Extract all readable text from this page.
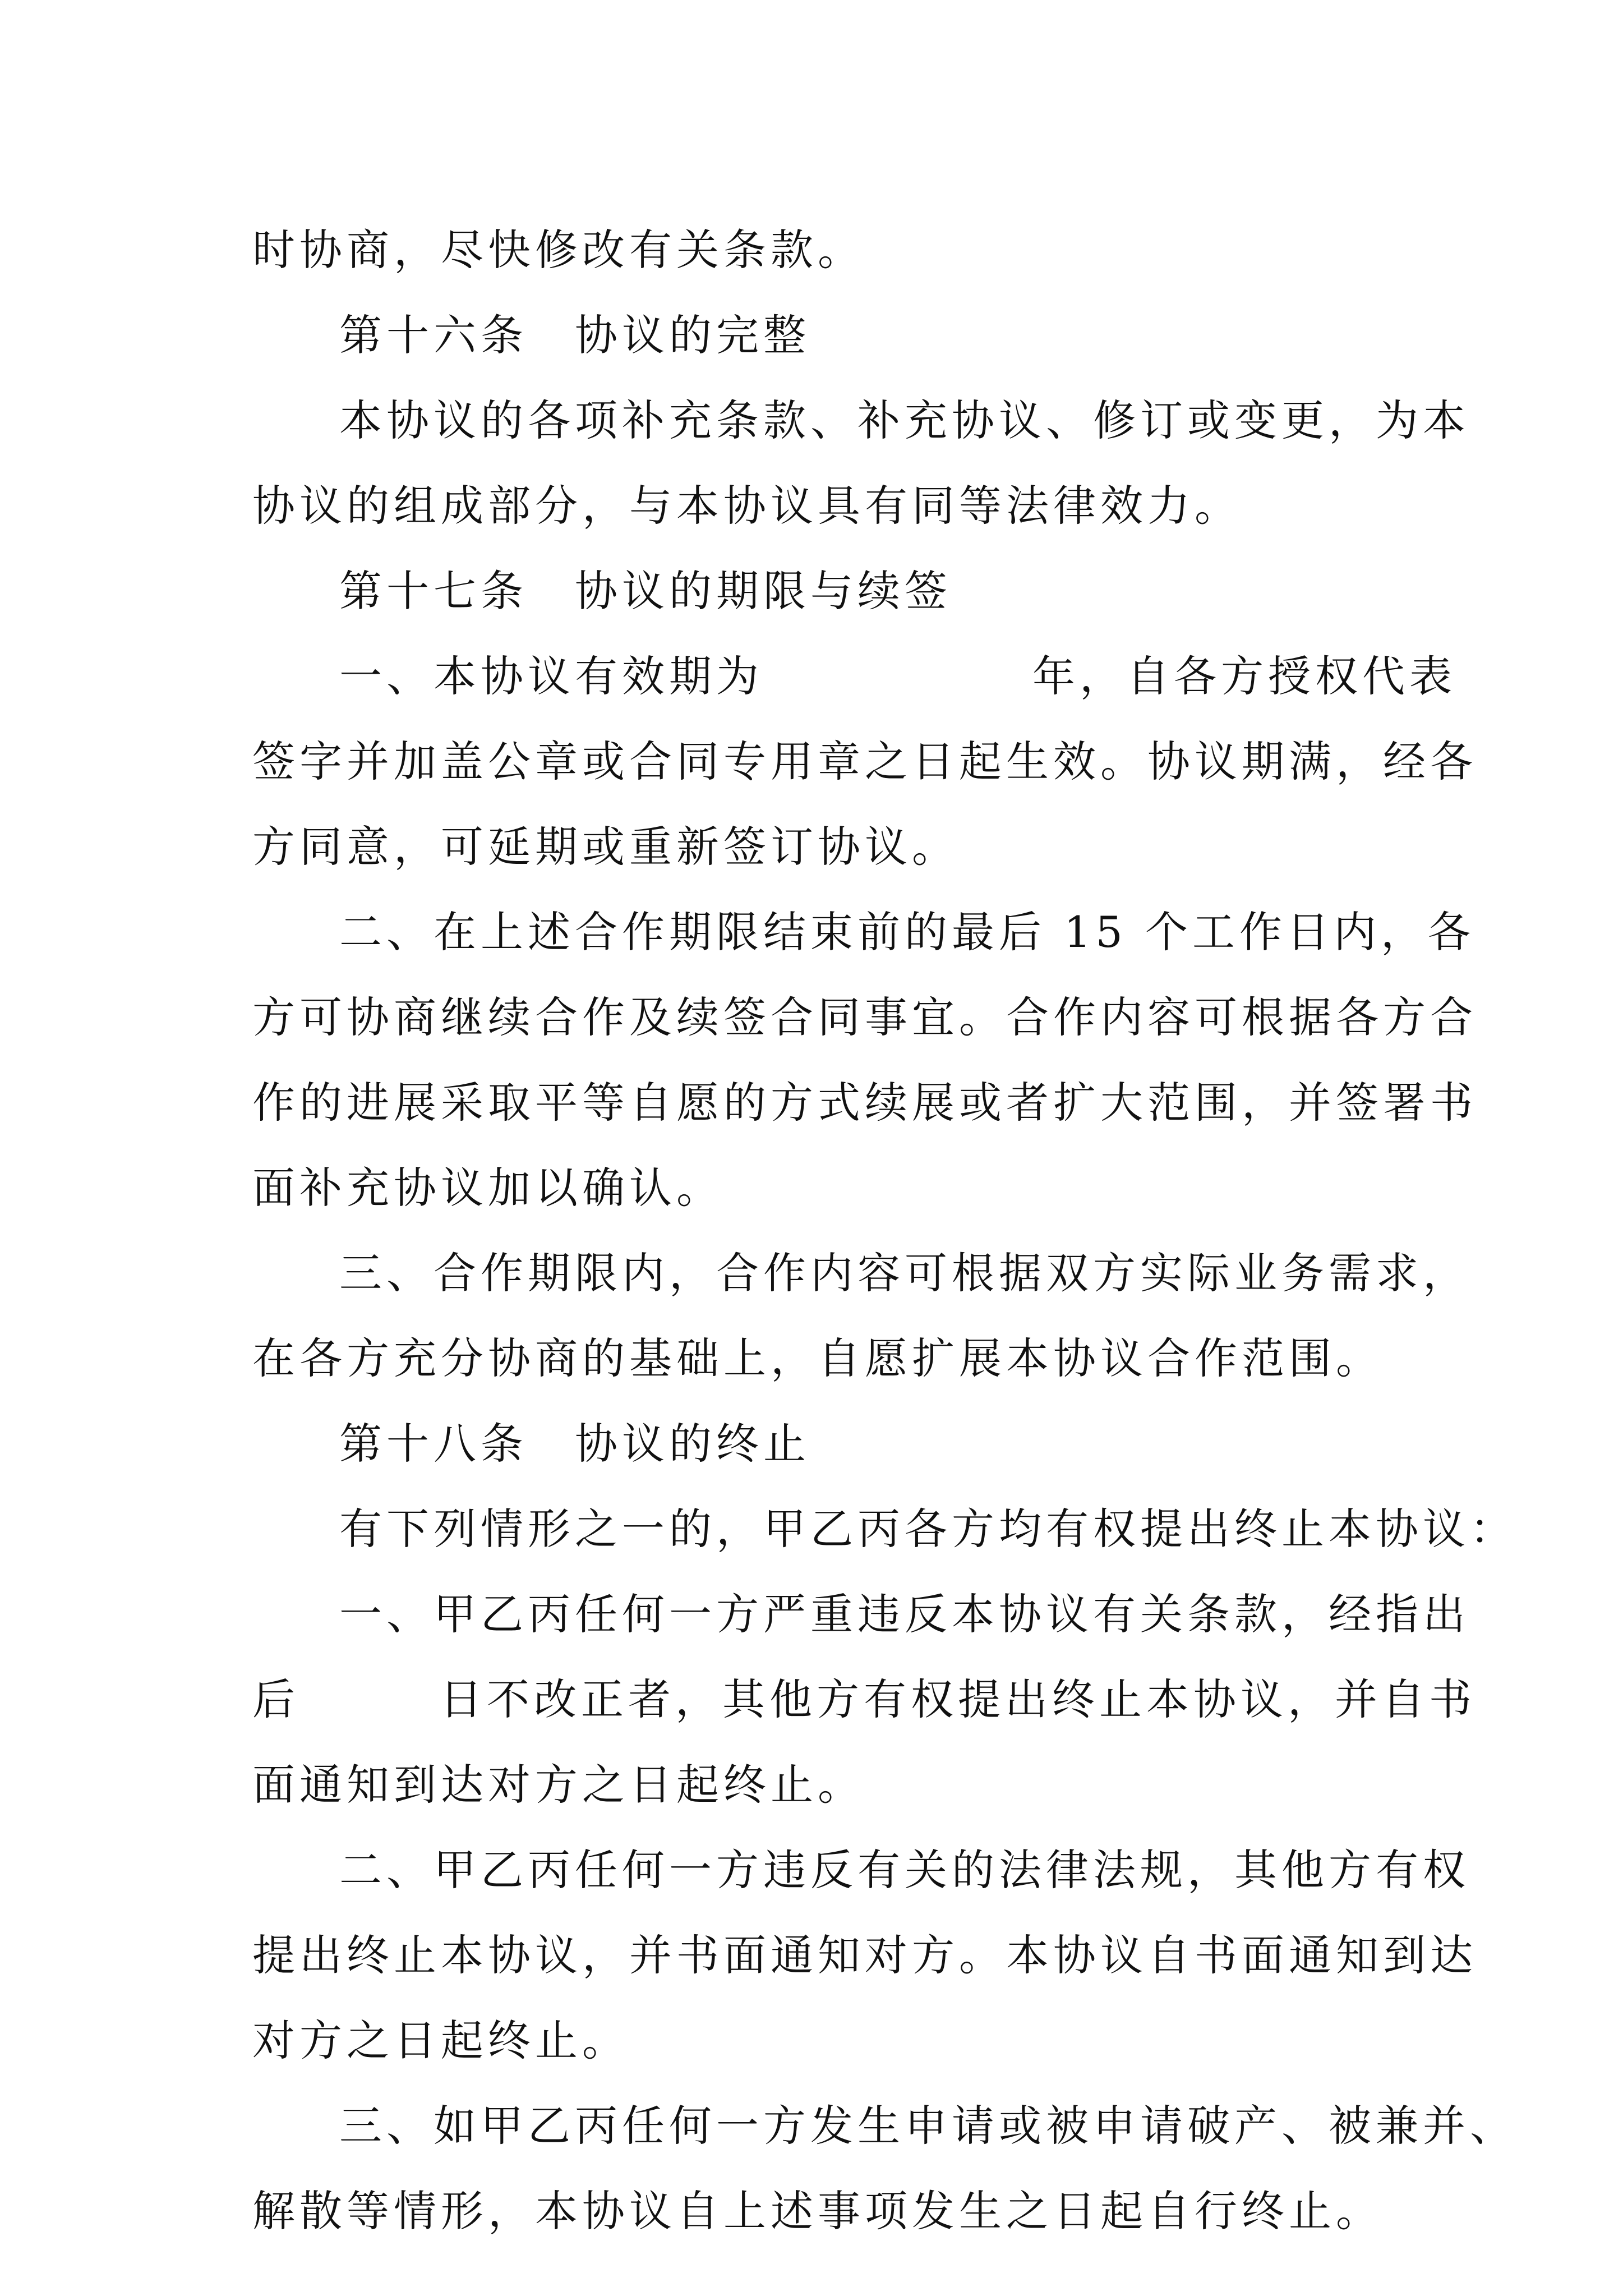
时协商，尽快修改有关条款。
第十六条　协议的完整
本协议的各项补充条款、补充协议、修订或变更，为本
协议的组成部分，与本协议具有同等法律效力。
第十七条　协议的期限与续签
一、本协议有效期为	年，自各方授权代表
签字并加盖公章或合同专用章之日起生效。协议期满，经各
方同意，可延期或重新签订协议。
二、在上述合作期限结束前的最后 15 个工作日内，各
方可协商继续合作及续签合同事宜。合作内容可根据各方合
作的进展采取平等自愿的方式续展或者扩大范围，并签署书
面补充协议加以确认。
三、合作期限内，合作内容可根据双方实际业务需求，
在各方充分协商的基础上，自愿扩展本协议合作范围。
第十八条　协议的终止
有下列情形之一的，甲乙丙各方均有权提出终止本协议：
一、甲乙丙任何一方严重违反本协议有关条款，经指出
后	日不改正者，其他方有权提出终止本协议，并自书
面通知到达对方之日起终止。
二、甲乙丙任何一方违反有关的法律法规，其他方有权
提出终止本协议，并书面通知对方。本协议自书面通知到达
对方之日起终止。
三、如甲乙丙任何一方发生申请或被申请破产、被兼并、
解散等情形，本协议自上述事项发生之日起自行终止。
